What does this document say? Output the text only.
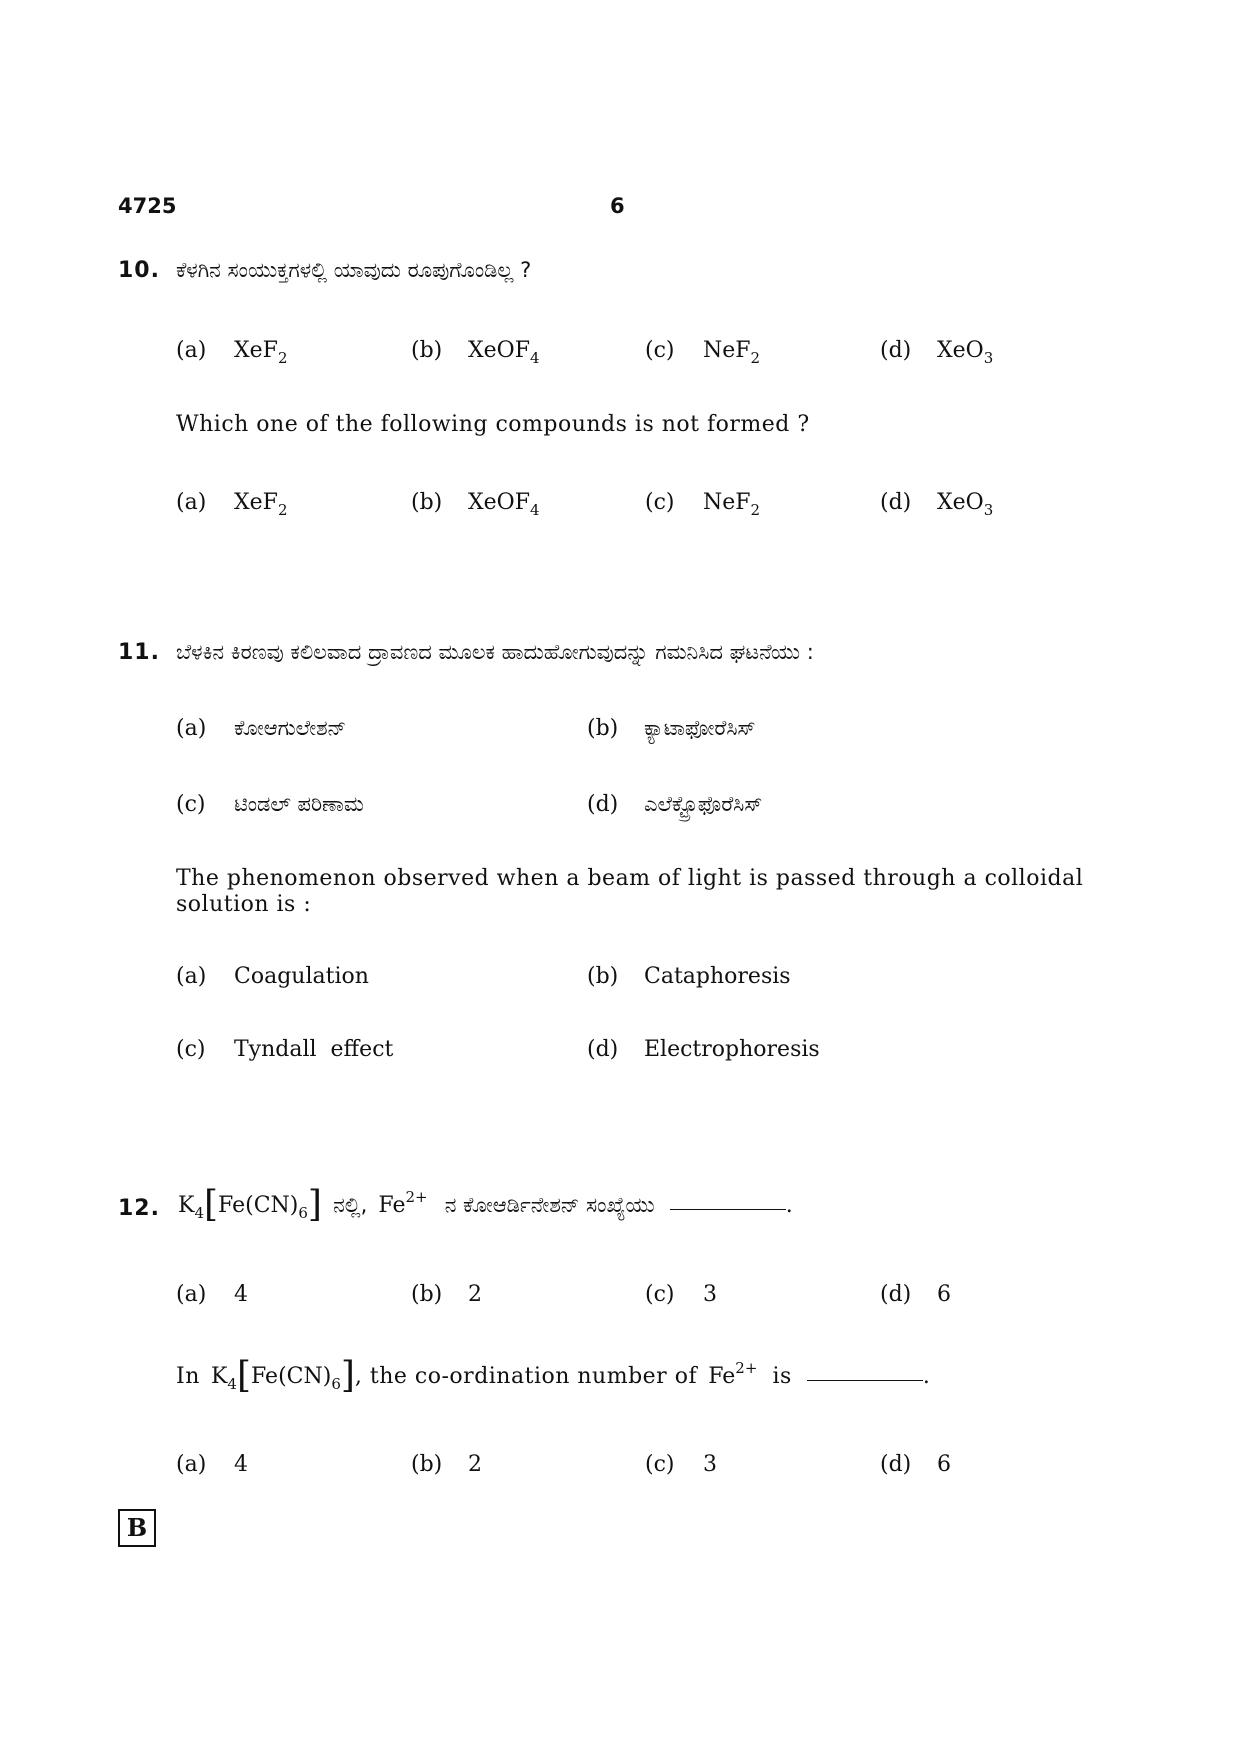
4725	6
10. ಕೆಳಗಿನ ಸಂಯುಕ್ತಗಳಲ್ಲಿ ಯಾವುದು ರೂಪುಗೊಂಡಿಲ್ಲ ?
(a) XeF$_2$	(b) XeOF$_4$	(c) NeF$_2$	(d) XeO$_3$
Which one of the following compounds is not formed ?
(a) XeF$_2$	(b) XeOF$_4$	(c) NeF$_2$	(d) XeO$_3$
11. ಬೆಳಕಿನ ಕಿರಣವು ಕಲಿಲವಾದ ದ್ರಾವಣದ ಮೂಲಕ ಹಾದುಹೋಗುವುದನ್ನು ಗಮನಿಸಿದ ಘಟನೆಯು :
(a) ಕೋಆಗುಲೇಶನ್	(b) ಕ್ಯಾಟಾಫೋರೆಸಿಸ್
(c) ಟಿಂಡಲ್ ಪರಿಣಾಮ	(d) ಎಲೆಕ್ಟ್ರೊಫೊರೆಸಿಸ್
The phenomenon observed when a beam of light is passed through a colloidal
solution is :
(a) Coagulation	(b) Cataphoresis
(c) Tyndall  effect	(d) Electrophoresis
12. $K_4[Fe(CN)_6]$ ನಲ್ಲಿ, $Fe^{2+}$ ನ ಕೋಆರ್ಡಿನೇಶನ್ ಸಂಖ್ಯೆಯು	.
(a) 4	(b) 2	(c) 3	(d) 6
In $K_4[Fe(CN)_6]$, the co-ordination number of $Fe^{2+}$ is	.
(a) 4	(b) 2	(c) 3	(d) 6
B
